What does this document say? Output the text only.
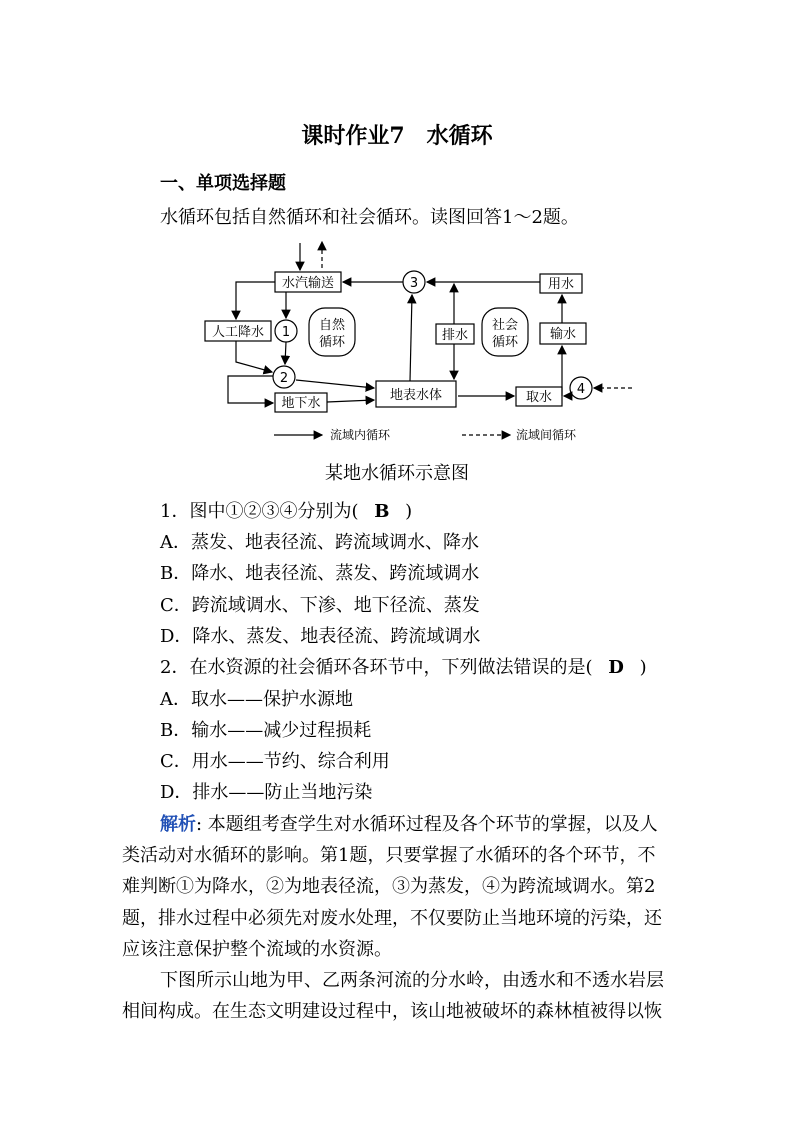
课时作业7　水循环
一、单项选择题
水循环包括自然循环和社会循环。读图回答1～2题。
水汽输送
人工降水
地下水
地表水体
排水
用水
输水
取水
自然
循环
社会
循环
1
2
3
4
流域内循环	流域间循环
某地水循环示意图
1．图中①②③④分别为( B )
A．蒸发、地表径流、跨流域调水、降水
B．降水、地表径流、蒸发、跨流域调水
C．跨流域调水、下渗、地下径流、蒸发
D．降水、蒸发、地表径流、跨流域调水
2．在水资源的社会循环各环节中，下列做法错误的是( D )
A．取水——保护水源地
B．输水——减少过程损耗
C．用水——节约、综合利用
D．排水——防止当地污染
解析: 本题组考查学生对水循环过程及各个环节的掌握，以及人
类活动对水循环的影响。第1题，只要掌握了水循环的各个环节，不
难判断①为降水，②为地表径流，③为蒸发，④为跨流域调水。第2
题，排水过程中必须先对废水处理，不仅要防止当地环境的污染，还
应该注意保护整个流域的水资源。
下图所示山地为甲、乙两条河流的分水岭，由透水和不透水岩层
相间构成。在生态文明建设过程中，该山地被破坏的森林植被得以恢
